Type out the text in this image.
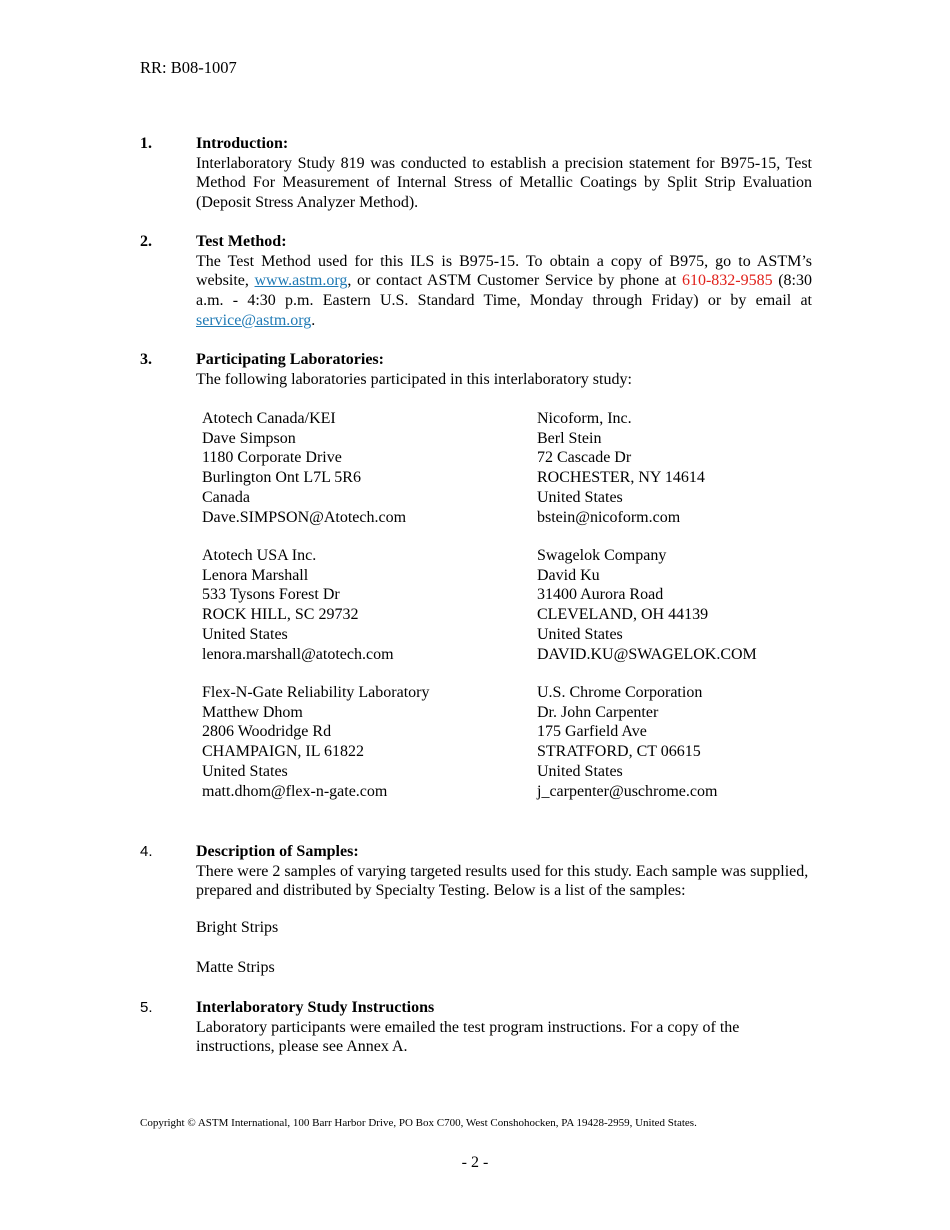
RR: B08-1007
1.	Introduction:
Interlaboratory Study 819 was conducted to establish a precision statement for B975-15, Test Method For Measurement of Internal Stress of Metallic Coatings by Split Strip Evaluation (Deposit Stress Analyzer Method).
2.	Test Method:
The Test Method used for this ILS is B975-15. To obtain a copy of B975, go to ASTM’s website, www.astm.org, or contact ASTM Customer Service by phone at 610-832-9585 (8:30 a.m. - 4:30 p.m. Eastern U.S. Standard Time, Monday through Friday) or by email at service@astm.org.
3.	Participating Laboratories:
The following laboratories participated in this interlaboratory study:
Atotech Canada/KEI
Dave Simpson
1180 Corporate Drive
Burlington Ont L7L 5R6
Canada
Dave.SIMPSON@Atotech.com
Nicoform, Inc.
Berl Stein
72 Cascade Dr
ROCHESTER, NY 14614
United States
bstein@nicoform.com
Atotech USA Inc.
Lenora Marshall
533 Tysons Forest Dr
ROCK HILL, SC 29732
United States
lenora.marshall@atotech.com
Swagelok Company
David Ku
31400 Aurora Road
CLEVELAND, OH 44139
United States
DAVID.KU@SWAGELOK.COM
Flex-N-Gate Reliability Laboratory
Matthew Dhom
2806 Woodridge Rd
CHAMPAIGN, IL 61822
United States
matt.dhom@flex-n-gate.com
U.S. Chrome Corporation
Dr. John Carpenter
175 Garfield Ave
STRATFORD, CT 06615
United States
j_carpenter@uschrome.com
4.	Description of Samples:
There were 2 samples of varying targeted results used for this study. Each sample was supplied, prepared and distributed by Specialty Testing. Below is a list of the samples:
Bright Strips
Matte Strips
5.	Interlaboratory Study Instructions
Laboratory participants were emailed the test program instructions. For a copy of the instructions, please see Annex A.
Copyright © ASTM International, 100 Barr Harbor Drive, PO Box C700, West Conshohocken, PA 19428-2959, United States.
- 2 -
